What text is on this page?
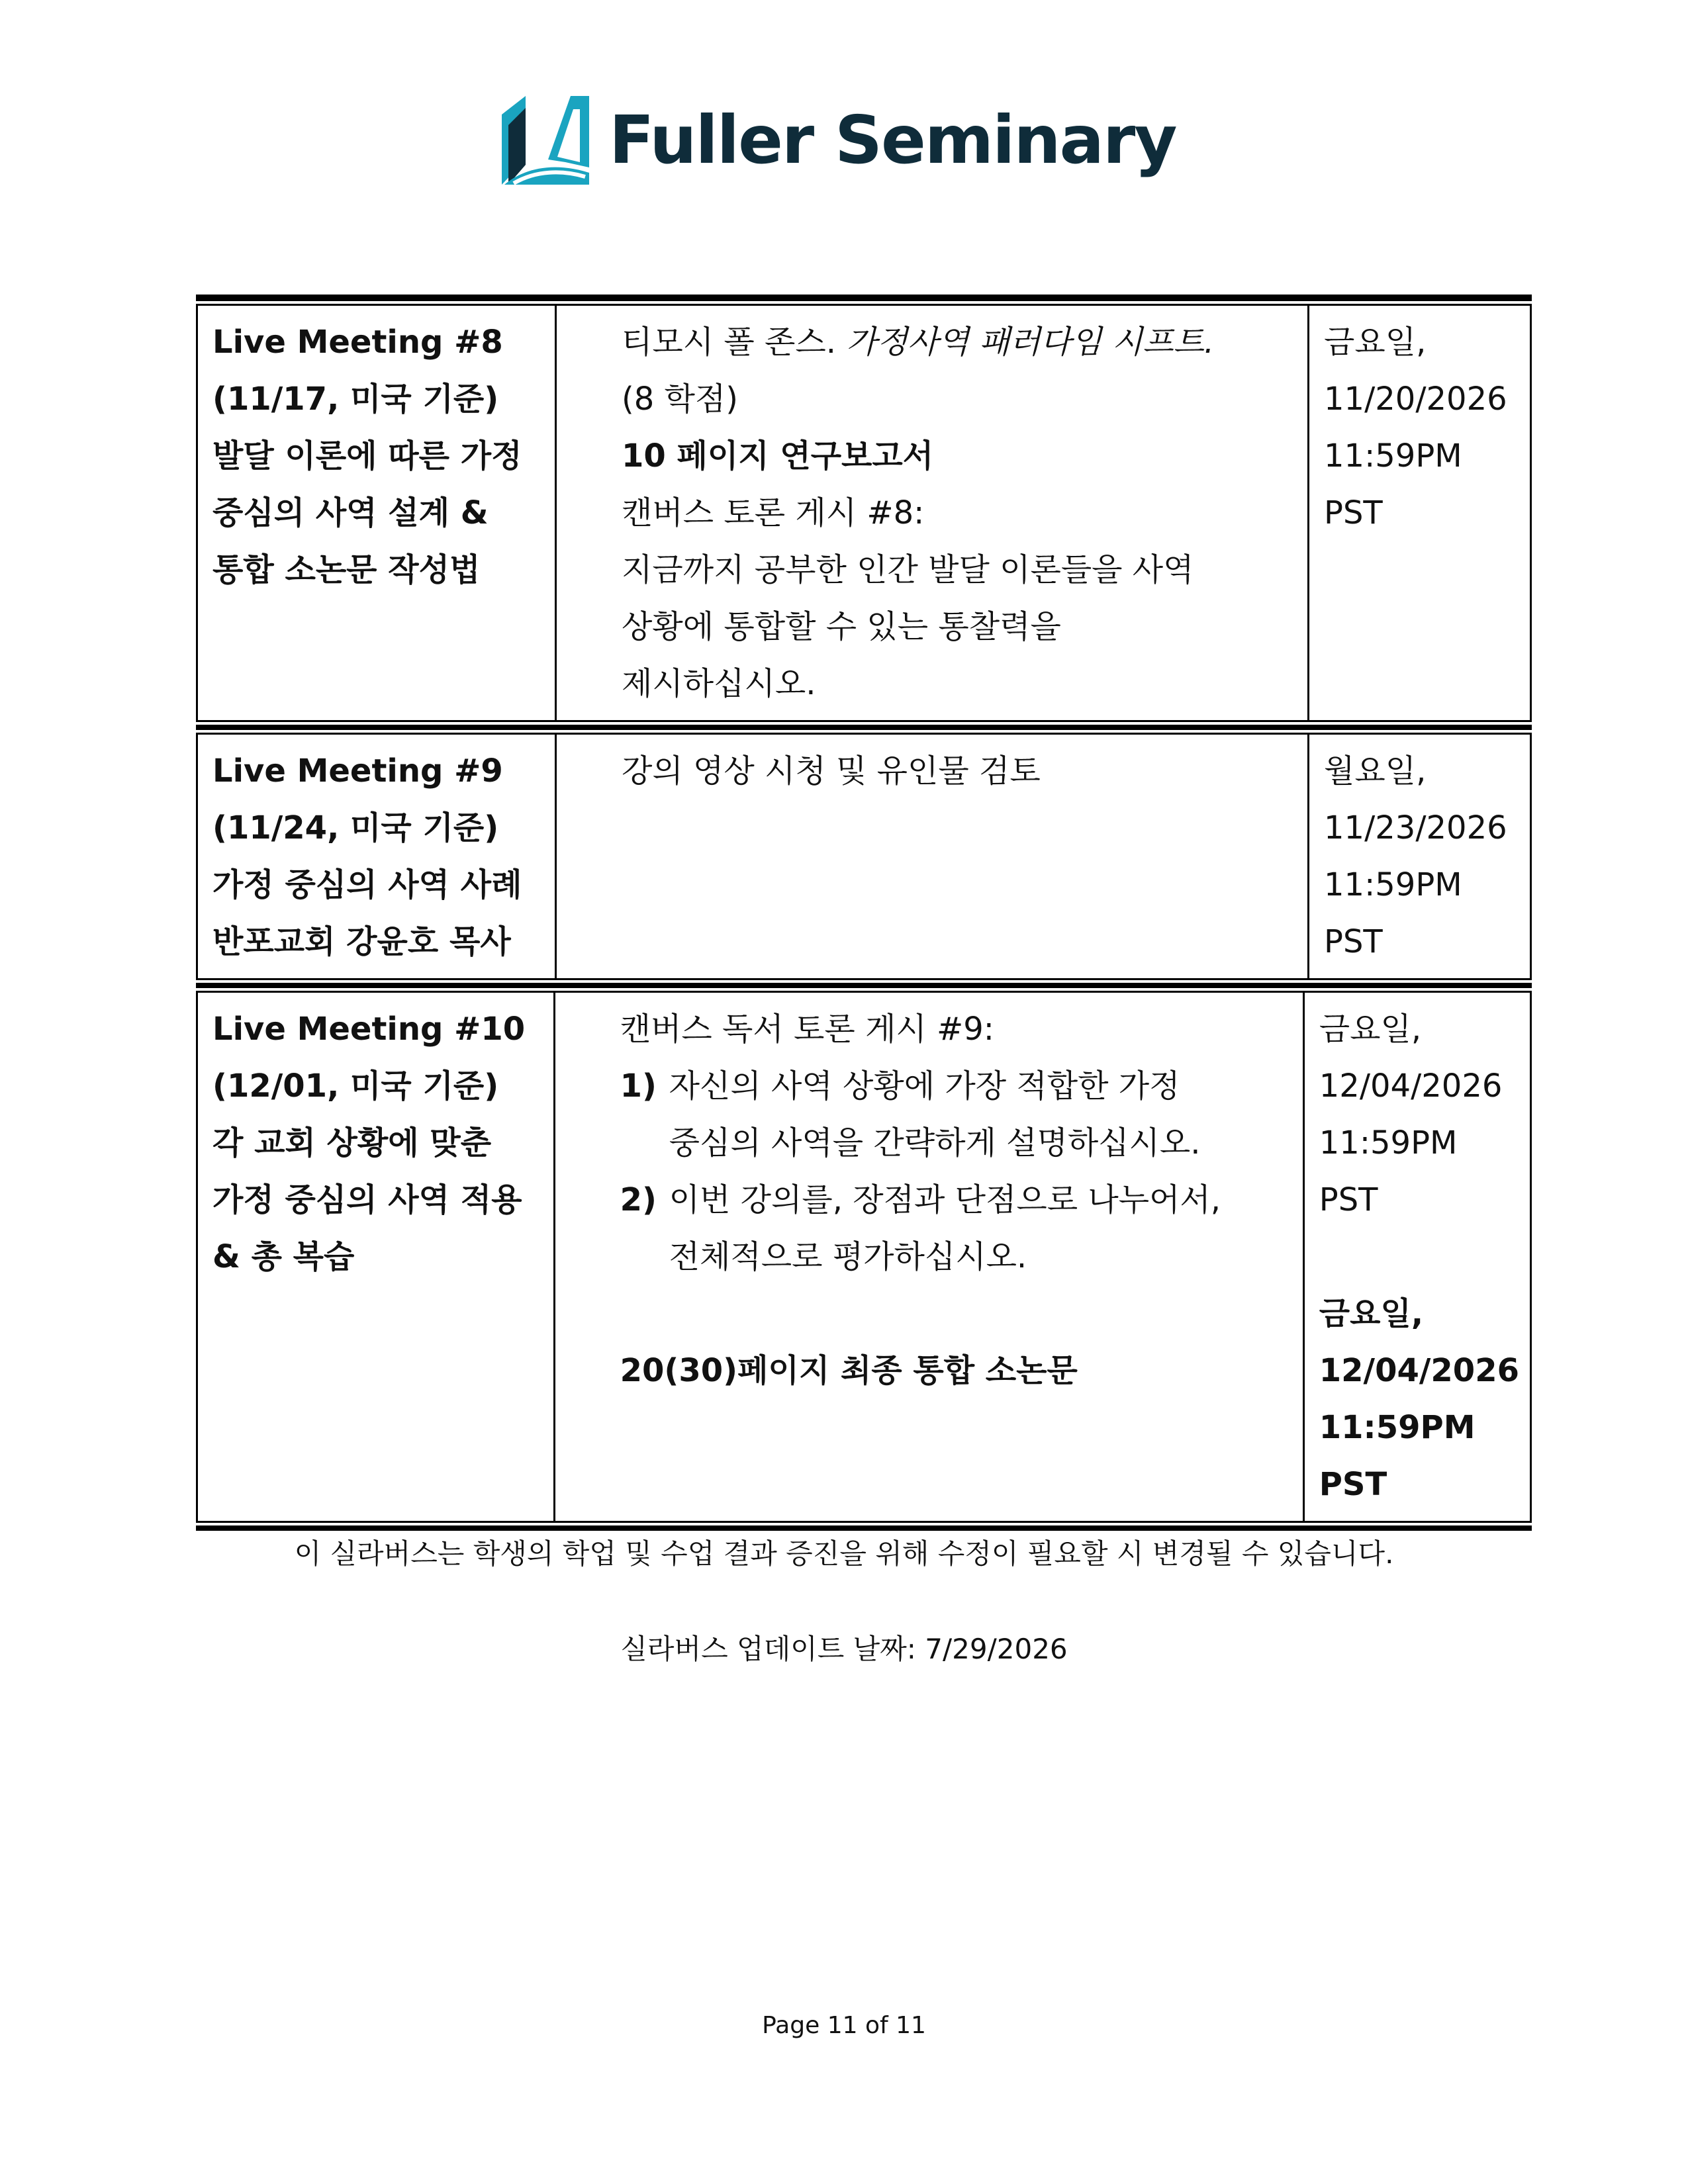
Fuller Seminary
Live Meeting #8
(11/17, 미국 기준)
발달 이론에 따른 가정
중심의 사역 설계 &
통합 소논문 작성법
티모시 폴 존스. 가정사역 패러다임 시프트.
(8 학점)
10 페이지 연구보고서
캔버스 토론 게시 #8:
지금까지 공부한 인간 발달 이론들을 사역
상황에 통합할 수 있는 통찰력을
제시하십시오.
금요일,
11/20/2026
11:59PM
PST
Live Meeting #9
(11/24, 미국 기준)
가정 중심의 사역 사례
반포교회 강윤호 목사
강의 영상 시청 및 유인물 검토	월요일,
11/23/2026
11:59PM
PST
Live Meeting #10
(12/01, 미국 기준)
각 교회 상황에 맞춘
가정 중심의 사역 적용
& 총 복습
캔버스 독서 토론 게시 #9:
1) 자신의 사역 상황에 가장 적합한 가정
중심의 사역을 간략하게 설명하십시오.
2) 이번 강의를, 장점과 단점으로 나누어서,
전체적으로 평가하십시오.
20(30)페이지 최종 통합 소논문
금요일,
12/04/2026
11:59PM
PST
금요일,
12/04/2026
11:59PM
PST
이 실라버스는 학생의 학업 및 수업 결과 증진을 위해 수정이 필요할 시 변경될 수 있습니다.
실라버스 업데이트 날짜: 7/29/2026
Page 11 of 11
